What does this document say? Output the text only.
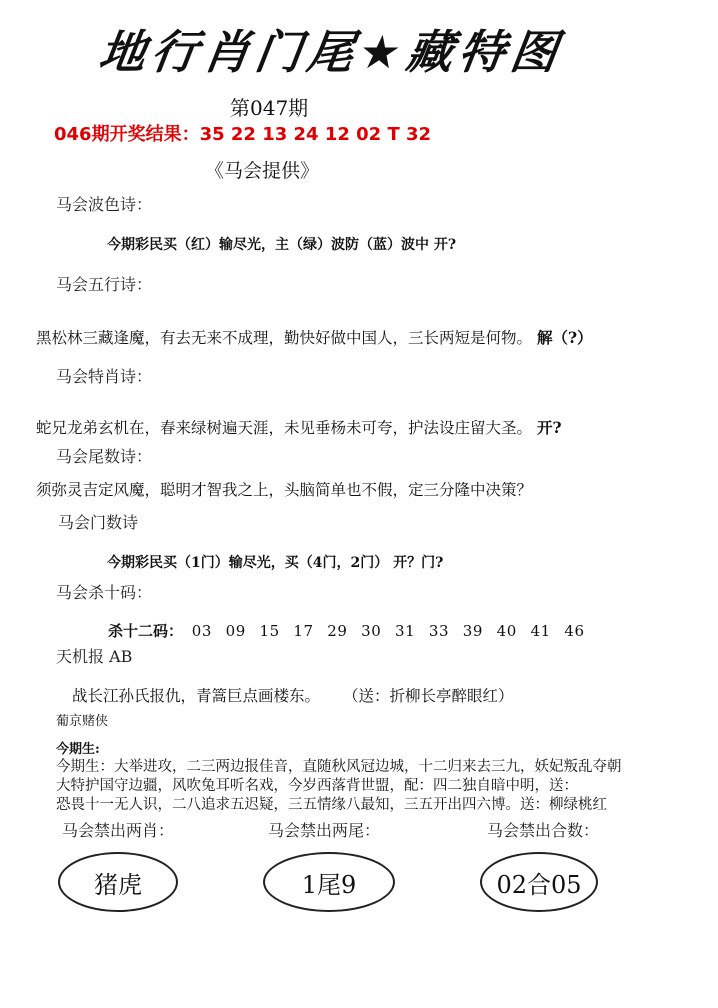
地行肖门尾★藏特图
第047期
046期开奖结果：35 22 13 24 12 02 T 32
《马会提供》
马会波色诗：
今期彩民买（红）输尽光，主（绿）波防（蓝）波中 开?
马会五行诗：
黑松林三藏逢魔，有去无来不成理，勤快好做中国人，三长两短是何物。 解（?）
马会特肖诗：
蛇兄龙弟玄机在，春来绿树遍天涯，未见垂杨未可夸，护法设庄留大圣。 开?
马会尾数诗：
须弥灵吉定风魔，聪明才智我之上，头脑简单也不假，定三分隆中决策？
马会门数诗
今期彩民买（1门）输尽光，买（4门，2门） 开？门?
马会杀十码：
杀十二码： 03 09 15 17 29 30 31 33 39 40 41 46
天机报 AB
战长江孙氏报仇，青篙巨点画楼东。 （送：折柳长亭醉眼红）
葡京赌侠
今期生:
今期生：大举进攻，二三两边报佳音，直随秋风冠边城，十二归来去三九，妖妃叛乱夺朝
大特护国守边疆，风吹兔耳听名戏，今岁西落背世盟，配：四二独自暗中明，送：
恐畏十一无人识，二八追求五迟疑，三五情缘八最知，三五开出四六博。送：柳绿桃红
马会禁出两肖：	马会禁出两尾：	马会禁出合数：
猪虎	1尾9	02合05
